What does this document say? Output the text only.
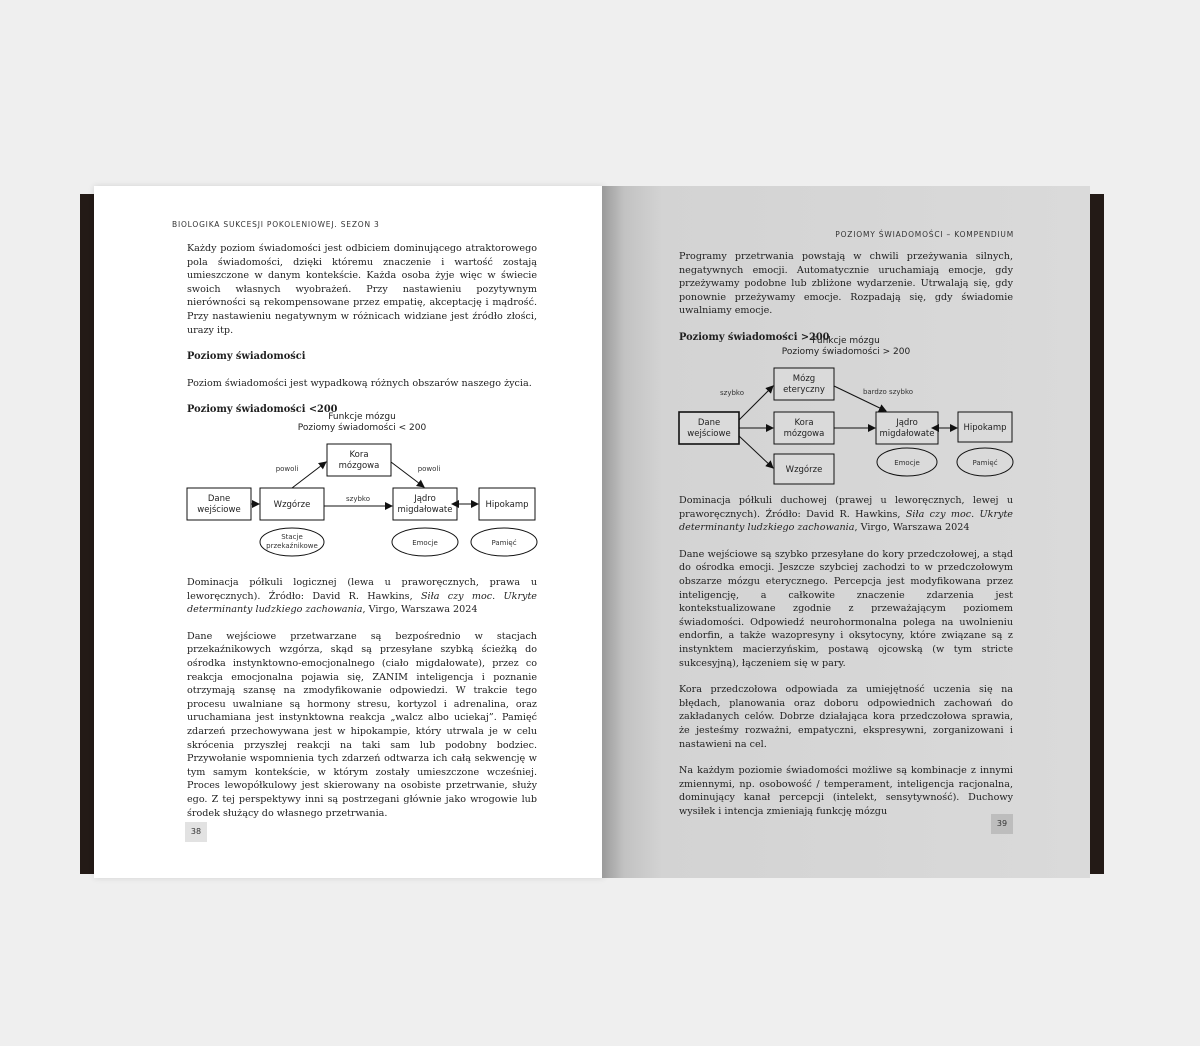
BIOLOGIKA SUKCESJI POKOLENIOWEJ. SEZON 3

Każdy poziom świadomości jest odbiciem dominującego atraktorowego pola świadomości, dzięki któremu znaczenie i wartość zostają umieszczone w danym kontekście. Każda osoba żyje więc w świecie swoich własnych wyobrażeń. Przy nastawieniu pozytywnym nierówności są rekompensowane przez empatię, akceptację i mądrość. Przy nastawieniu negatywnym w różnicach widziane jest źródło złości, urazy itp.

Poziomy świadomości

Poziom świadomości jest wypadkową różnych obszarów naszego życia.

Poziomy świadomości <200

Funkcje mózgu
Poziomy świadomości < 200
Dane
wejściowe	Wzgórze
Kora
mózgowa
Jądro
migdałowate	Hipokamp
Stacje
przekaźnikowe	Emocje	Pamięć
powoli	powoli
szybko

Dominacja półkuli logicznej (lewa u praworęcznych, prawa u leworęcznych). Źródło: David R. Hawkins, Siła czy moc. Ukryte determinanty ludzkiego zachowania, Virgo, Warszawa 2024

Dane wejściowe przetwarzane są bezpośrednio w stacjach przekaźnikowych wzgórza, skąd są przesyłane szybką ścieżką do ośrodka instynktowno-emocjonalnego (ciało migdałowate), przez co reakcja emocjonalna pojawia się, ZANIM inteligencja i poznanie otrzymają szansę na zmodyfikowanie odpowiedzi. W trakcie tego procesu uwalniane są hormony stresu, kortyzol i adrenalina, oraz uruchamiana jest instynktowna reakcja „walcz albo uciekaj”. Pamięć zdarzeń przechowywana jest w hipokampie, który utrwala je w celu skrócenia przyszłej reakcji na taki sam lub podobny bodziec. Przywołanie wspomnienia tych zdarzeń odtwarza ich całą sekwencję w tym samym kontekście, w którym zostały umieszczone wcześniej. Proces lewopółkulowy jest skierowany na osobiste przetrwanie, służy ego. Z tej perspektywy inni są postrzegani głównie jako wrogowie lub środek służący do własnego przetrwania.

38
POZIOMY ŚWIADOMOŚCI – KOMPENDIUM

Programy przetrwania powstają w chwili przeżywania silnych, negatywnych emocji. Automatycznie uruchamiają emocje, gdy przeżywamy podobne lub zbliżone wydarzenie. Utrwalają się, gdy ponownie przeżywamy emocje. Rozpadają się, gdy świadomie uwalniamy emocje.

Poziomy świadomości >200

Funkcje mózgu
Poziomy świadomości > 200
Dane
wejściowe
Mózg
eteryczny
Kora
mózgowa
Wzgórze
Jądro
migdałowate
Hipokamp
Emocje	Pamięć
szybko	bardzo szybko

Dominacja półkuli duchowej (prawej u leworęcznych, lewej u praworęcznych). Źródło: David R. Hawkins, Siła czy moc. Ukryte determinanty ludzkiego zachowania, Virgo, Warszawa 2024

Dane wejściowe są szybko przesyłane do kory przedczołowej, a stąd do ośrodka emocji. Jeszcze szybciej zachodzi to w przedczołowym obszarze mózgu eterycznego. Percepcja jest modyfikowana przez inteligencję, a całkowite znaczenie zdarzenia jest kontekstualizowane zgodnie z przeważającym poziomem świadomości. Odpowiedź neurohormonalna polega na uwolnieniu endorfin, a także wazopresyny i oksytocyny, które związane są z instynktem macierzyńskim, postawą ojcowską (w tym stricte sukcesyjną), łączeniem się w pary.

Kora przedczołowa odpowiada za umiejętność uczenia się na błędach, planowania oraz doboru odpowiednich zachowań do zakładanych celów. Dobrze działająca kora przedczołowa sprawia, że jesteśmy rozważni, empatyczni, ekspresywni, zorganizowani i nastawieni na cel.

Na każdym poziomie świadomości możliwe są kombinacje z innymi zmiennymi, np. osobowość / temperament, inteligencja racjonalna, dominujący kanał percepcji (intelekt, sensytywność). Duchowy wysiłek i intencja zmieniają funkcję mózgu

39
